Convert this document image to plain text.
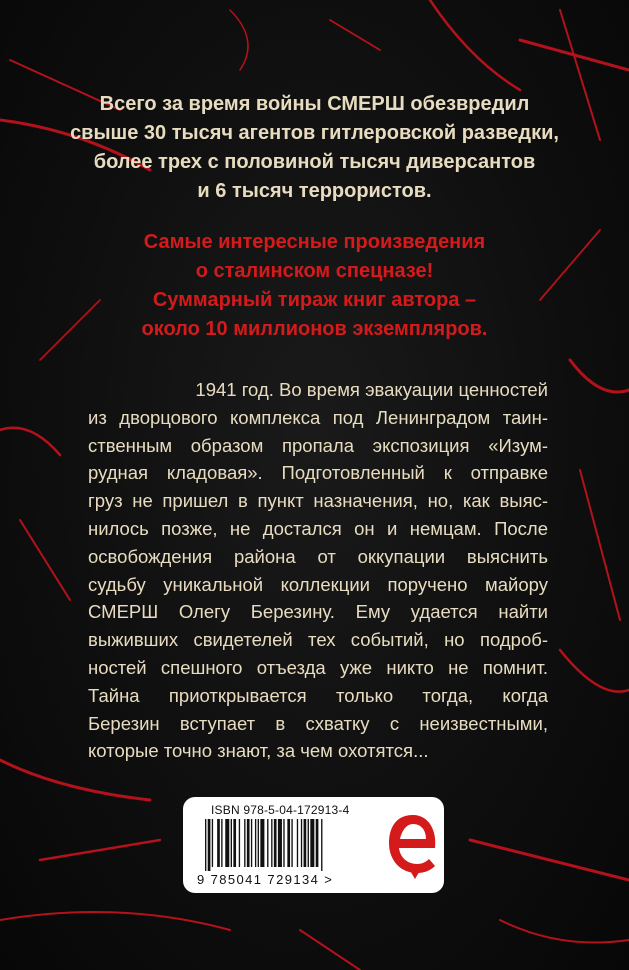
Всего за время войны СМЕРШ обезвредил
свыше 30 тысяч агентов гитлеровской разведки,
более трех с половиной тысяч диверсантов
и 6 тысяч террористов.
Самые интересные произведения
о сталинском спецназе!
Суммарный тираж книг автора –
около 10 миллионов экземпляров.
1941 год. Во время эвакуации ценностей
из дворцового комплекса под Ленинградом таин-
ственным образом пропала экспозиция «Изум-
рудная кладовая». Подготовленный к отправке
груз не пришел в пункт назначения, но, как выяс-
нилось позже, не достался он и немцам. После
освобождения района от оккупации выяснить
судьбу уникальной коллекции поручено майору
СМЕРШ Олегу Березину. Ему удается найти
выживших свидетелей тех событий, но подроб-
ностей спешного отъезда уже никто не помнит.
Тайна приоткрывается только тогда, когда
Березин вступает в схватку с неизвестными,
которые точно знают, за чем охотятся...
ISBN 978-5-04-172913-4
9 785041 729134 >
